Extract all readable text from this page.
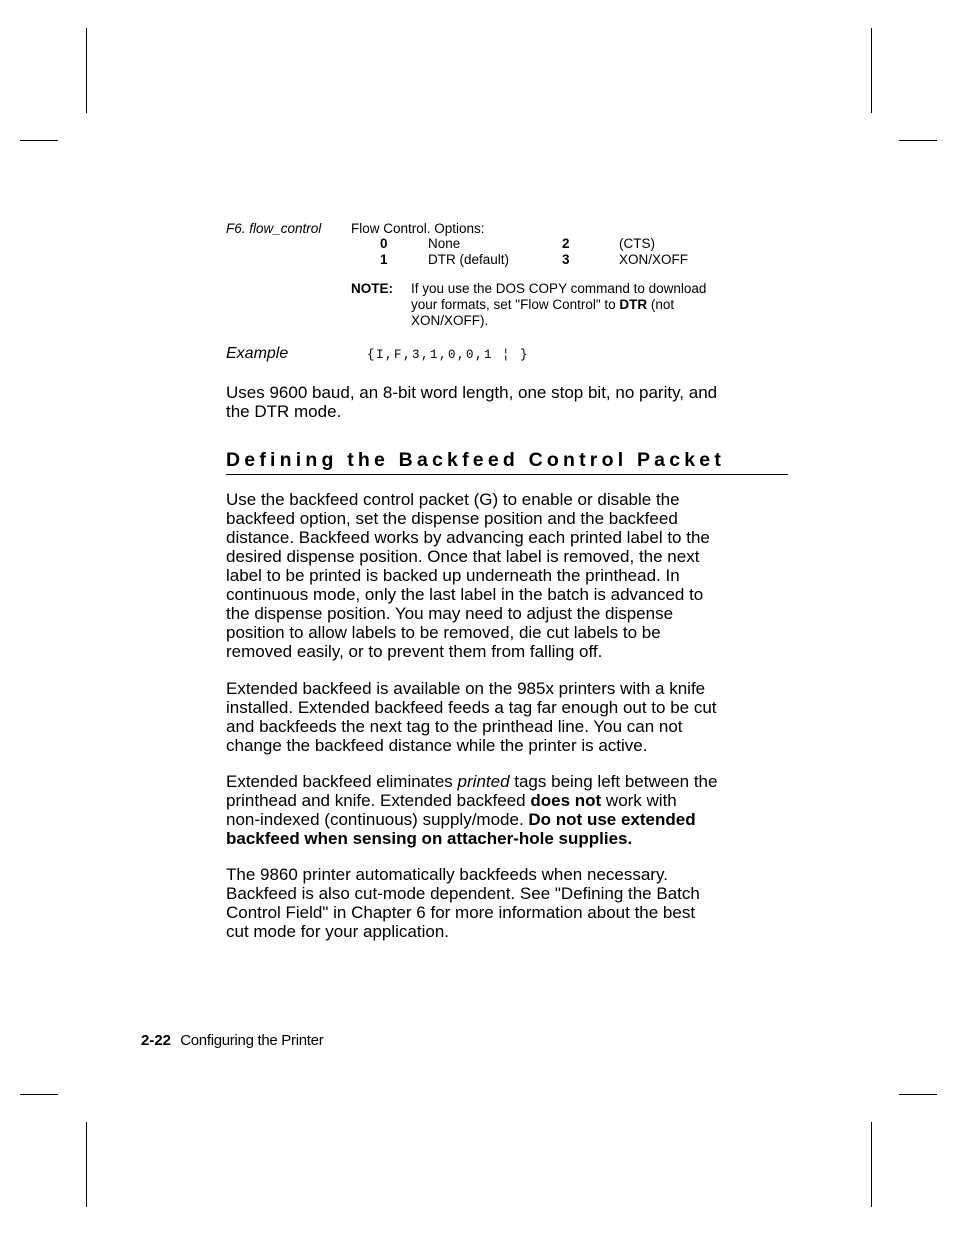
F6. flow_control Flow Control. Options:
0	None	2	(CTS)
1	DTR (default)	3	XON/XOFF
NOTE: If you use the DOS COPY command to download
your formats, set "Flow Control" to DTR (not
XON/XOFF).
Example	{I,F,3,1,0,0,1 ¦ }
Uses 9600 baud, an 8-bit word length, one stop bit, no parity, and
the DTR mode.
Defining the Backfeed Control Packet
Use the backfeed control packet (G) to enable or disable the
backfeed option, set the dispense position and the backfeed
distance. Backfeed works by advancing each printed label to the
desired dispense position. Once that label is removed, the next
label to be printed is backed up underneath the printhead. In
continuous mode, only the last label in the batch is advanced to
the dispense position. You may need to adjust the dispense
position to allow labels to be removed, die cut labels to be
removed easily, or to prevent them from falling off.
Extended backfeed is available on the 985x printers with a knife
installed. Extended backfeed feeds a tag far enough out to be cut
and backfeeds the next tag to the printhead line. You can not
change the backfeed distance while the printer is active.
Extended backfeed eliminates printed tags being left between the
printhead and knife. Extended backfeed does not work with
non-indexed (continuous) supply/mode. Do not use extended
backfeed when sensing on attacher-hole supplies.
The 9860 printer automatically backfeeds when necessary.
Backfeed is also cut-mode dependent. See "Defining the Batch
Control Field" in Chapter 6 for more information about the best
cut mode for your application.
2-22 Configuring the Printer
